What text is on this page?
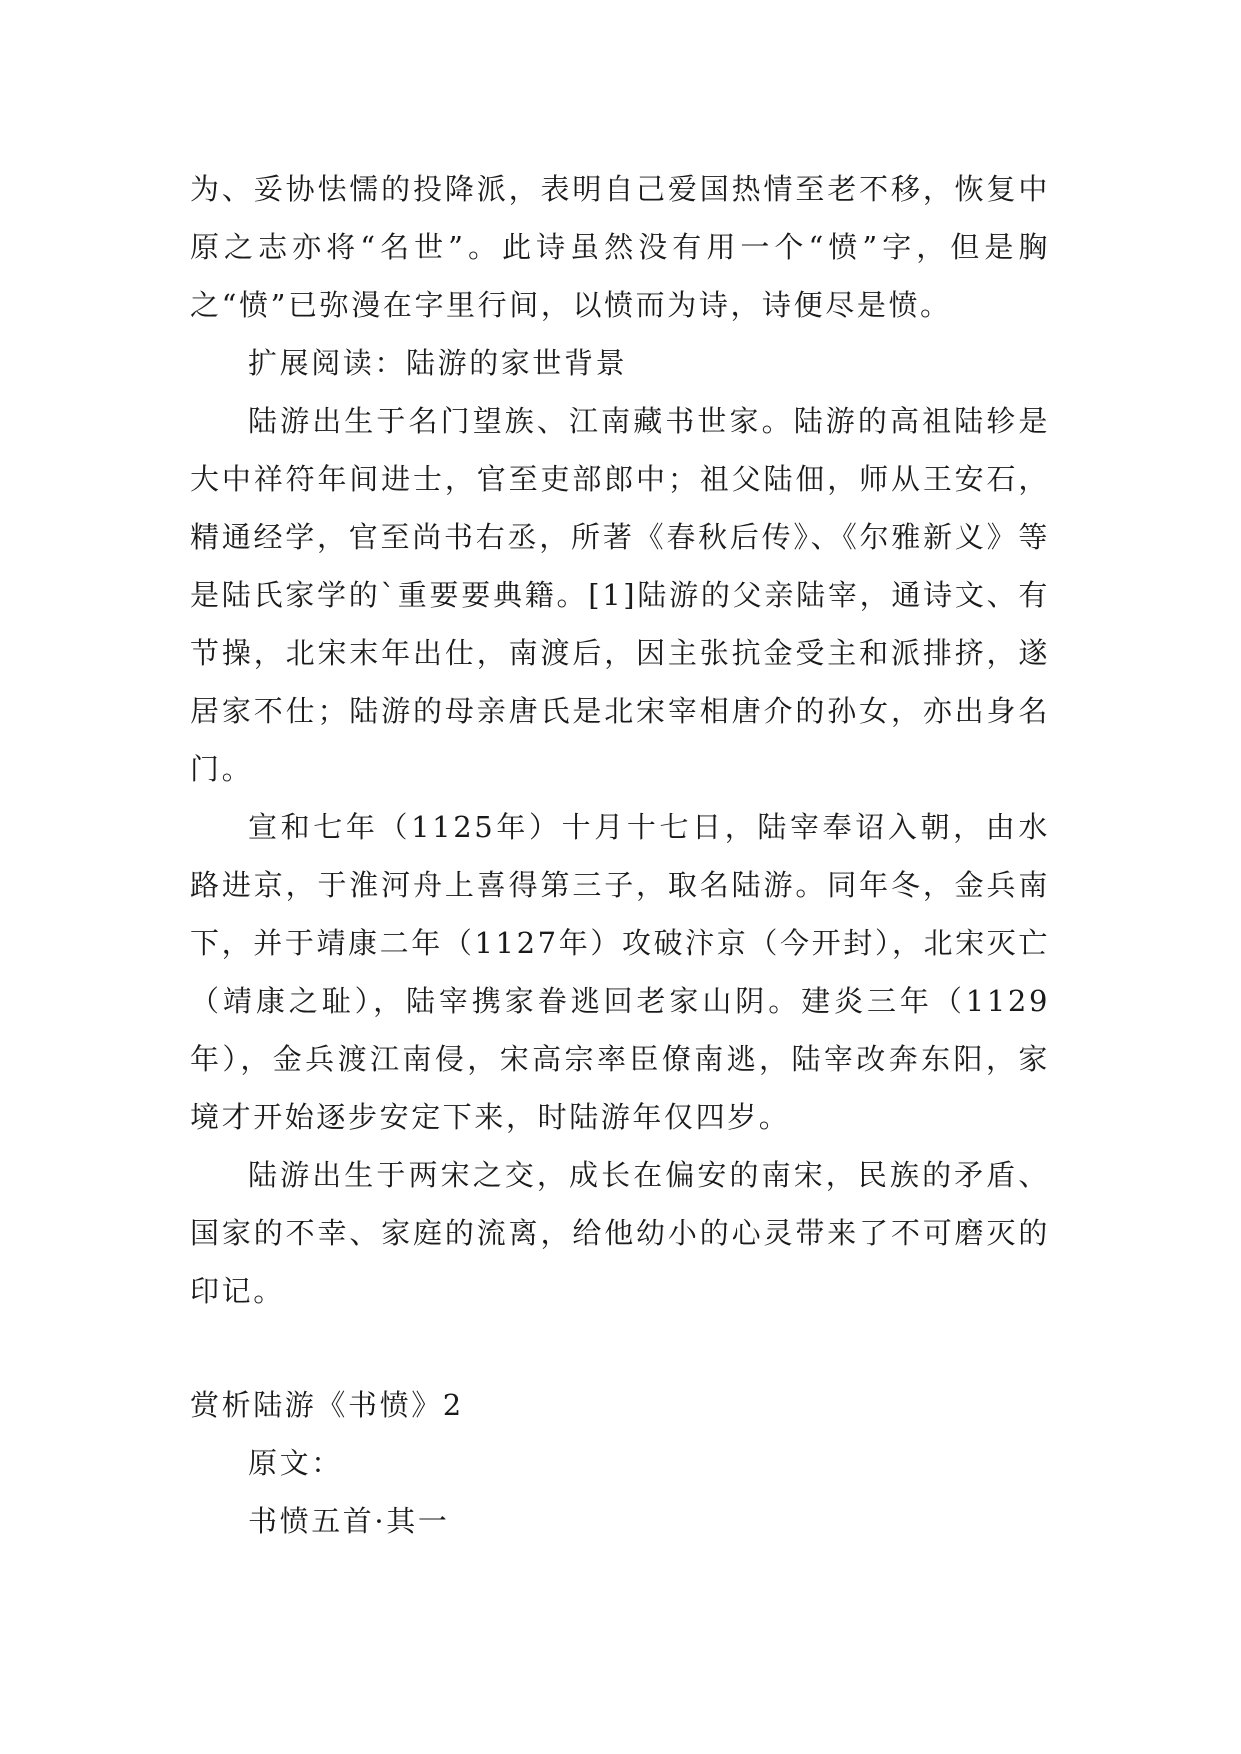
为、妥协怯懦的投降派，表明自己爱国热情至老不移，恢复中原之志亦将“名世”。此诗虽然没有用一个“愤”字，但是胸之“愤”已弥漫在字里行间，以愤而为诗，诗便尽是愤。

扩展阅读：陆游的家世背景

陆游出生于名门望族、江南藏书世家。陆游的高祖陆轸是大中祥符年间进士，官至吏部郎中；祖父陆佃，师从王安石，精通经学，官至尚书右丞，所著《春秋后传》、《尔雅新义》等是陆氏家学的`重要要典籍。[1]陆游的父亲陆宰，通诗文、有节操，北宋末年出仕，南渡后，因主张抗金受主和派排挤，遂居家不仕；陆游的母亲唐氏是北宋宰相唐介的孙女，亦出身名门。

宣和七年（1125年）十月十七日，陆宰奉诏入朝，由水路进京，于淮河舟上喜得第三子，取名陆游。同年冬，金兵南下，并于靖康二年（1127年）攻破汴京（今开封），北宋灭亡（靖康之耻），陆宰携家眷逃回老家山阴。建炎三年（1129年），金兵渡江南侵，宋高宗率臣僚南逃，陆宰改奔东阳，家境才开始逐步安定下来，时陆游年仅四岁。

陆游出生于两宋之交，成长在偏安的南宋，民族的矛盾、国家的不幸、家庭的流离，给他幼小的心灵带来了不可磨灭的印记。

赏析陆游《书愤》2

原文：

书愤五首·其一
